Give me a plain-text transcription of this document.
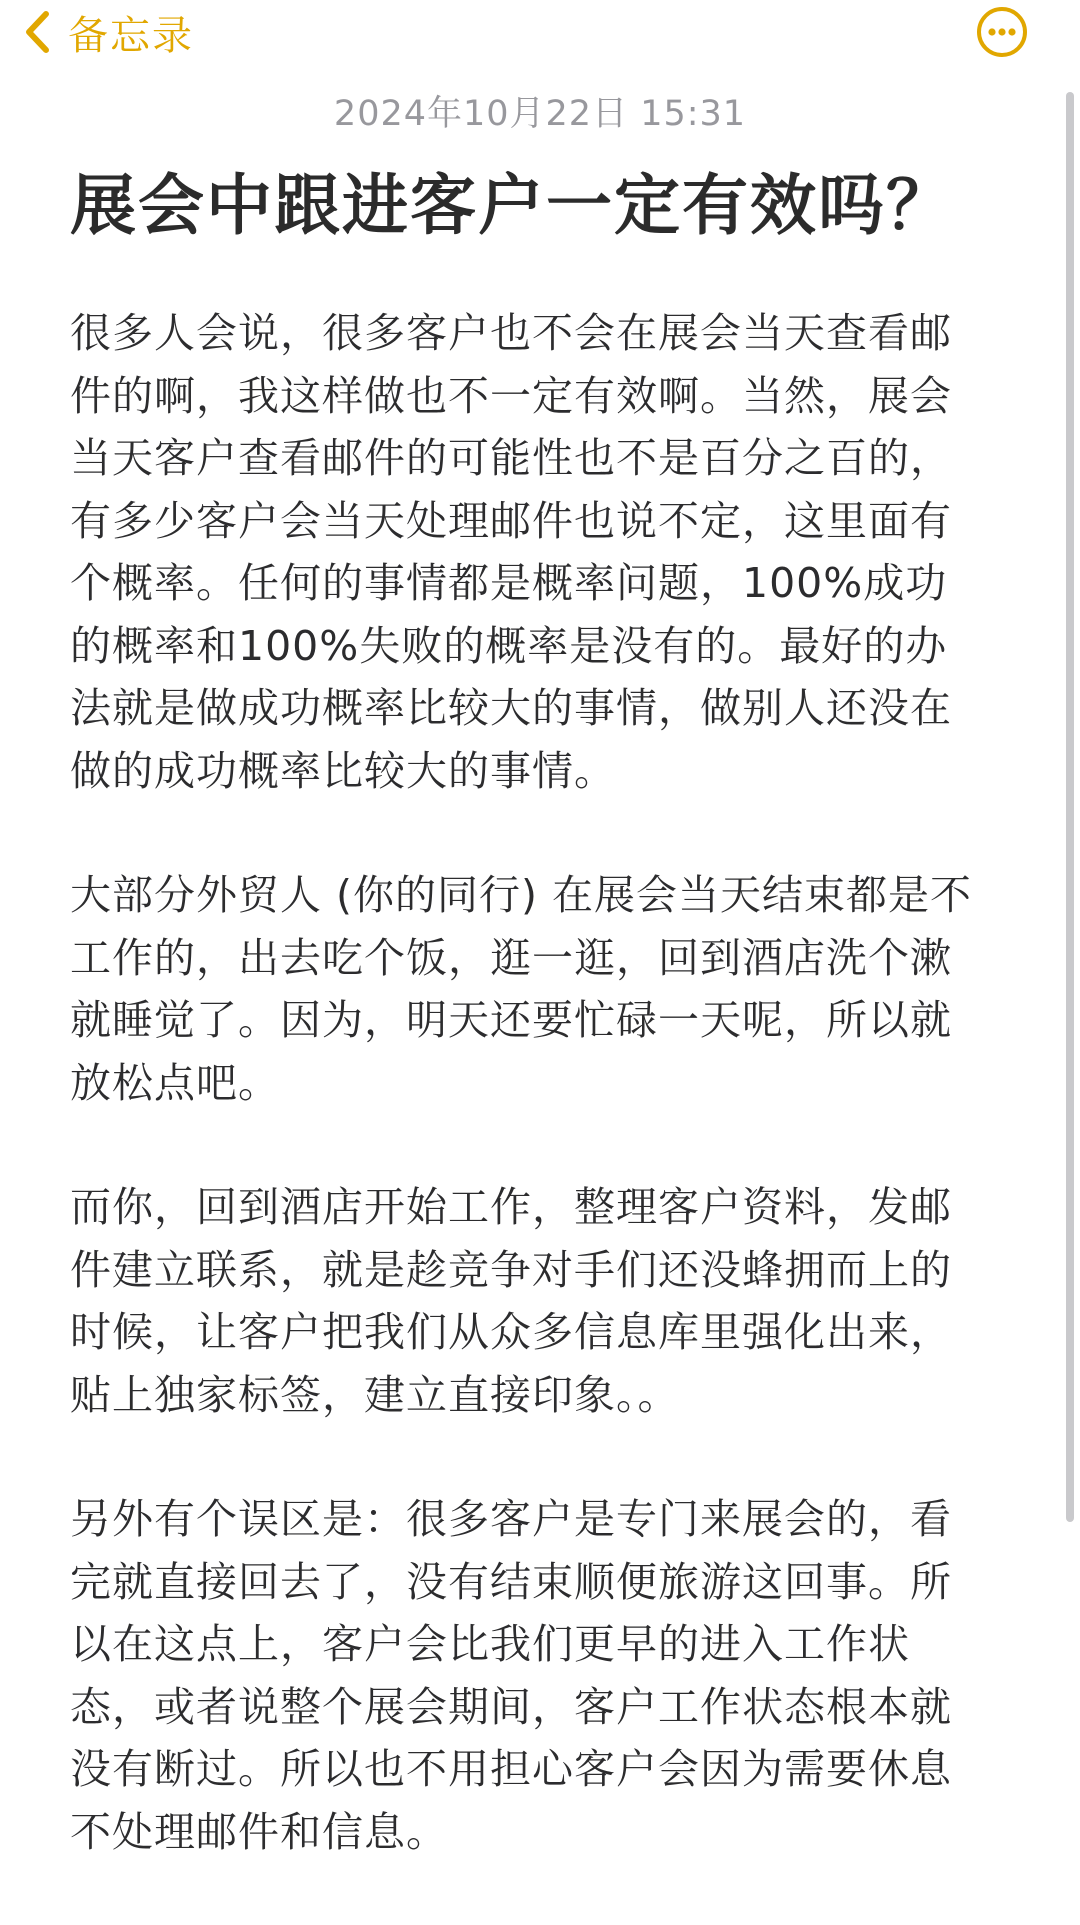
备忘录
2024年10月22日 15:31
展会中跟进客户一定有效吗？

很多人会说，很多客户也不会在展会当天查看邮
件的啊，我这样做也不一定有效啊。当然，展会
当天客户查看邮件的可能性也不是百分之百的，
有多少客户会当天处理邮件也说不定，这里面有
个概率。任何的事情都是概率问题，100%成功
的概率和100%失败的概率是没有的。最好的办
法就是做成功概率比较大的事情，做别人还没在
做的成功概率比较大的事情。

大部分外贸人 (你的同行) 在展会当天结束都是不
工作的，出去吃个饭，逛一逛，回到酒店洗个漱
就睡觉了。因为，明天还要忙碌一天呢，所以就
放松点吧。

而你，回到酒店开始工作，整理客户资料，发邮
件建立联系，就是趁竞争对手们还没蜂拥而上的
时候，让客户把我们从众多信息库里强化出来，
贴上独家标签，建立直接印象。。

另外有个误区是：很多客户是专门来展会的，看
完就直接回去了，没有结束顺便旅游这回事。所
以在这点上，客户会比我们更早的进入工作状
态，或者说整个展会期间，客户工作状态根本就
没有断过。所以也不用担心客户会因为需要休息
不处理邮件和信息。
